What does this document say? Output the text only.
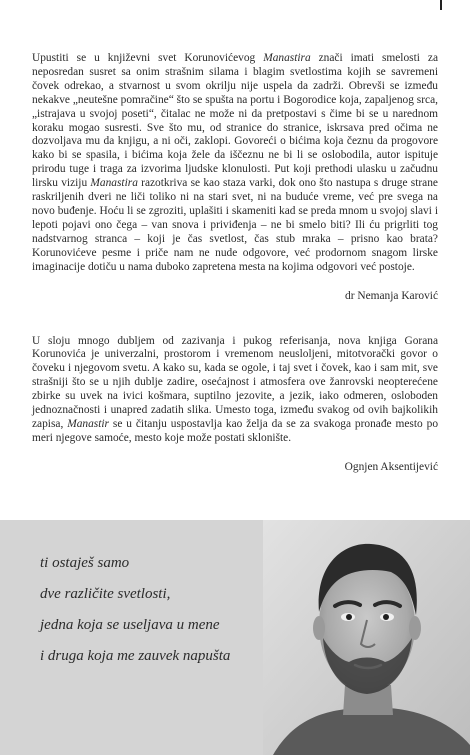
Upustiti se u književni svet Korunovićevog Manastira znači imati smelosti za neposredan susret sa onim strašnim silama i blagim svetlostima kojih se savremeni čovek odrekao, a stvarnost u svom okrilju nije uspela da zadrži. Obrevši se između nekakve „neutešne pomračine“ što se spušta na portu i Bogorodice koja, zapaljenog srca, „istrajava u svojoj poseti“, čitalac ne može ni da pretpostavi s čime bi se u narednom koraku mogao susresti. Sve što mu, od stranice do stranice, iskrsava pred očima ne dozvoljava mu da knjigu, a ni oči, zaklopi. Govoreći o bićima koja čeznu da progovore kako bi se spasila, i bićima koja žele da iščeznu ne bi li se oslobodila, autor ispituje prirodu tuge i traga za izvorima ljudske klonulosti. Put koji prethodi ulasku u začudnu lirsku viziju Manastira razotkriva se kao staza varki, dok ono što nastupa s druge strane raskriljenih dveri ne liči toliko ni na stari svet, ni na buduće vreme, već pre svega na novo buđenje. Hoću li se zgroziti, uplašiti i skameniti kad se preda mnom u svojoj slavi i lepoti pojavi ono čega – van snova i priviđenja – ne bi smelo biti? Ili ću prigrliti tog nadstvarnog stranca – koji je čas svetlost, čas stub mraka – prisno kao brata? Korunovićeve pesme i priče nam ne nude odgovore, već prodornom snagom lirske imaginacije dotiču u nama duboko zapretena mesta na kojima odgovori već postoje.

dr Nemanja Karović

U sloju mnogo dubljem od zazivanja i pukog referisanja, nova knjiga Gorana Korunovića je univerzalni, prostorom i vremenom neusloljeni, mitotvorački govor o čoveku i njegovom svetu. A kako su, kada se ogole, i taj svet i čovek, kao i sam mit, sve strašniji što se u njih dublje zadire, osećajnost i atmosfera ove žanrovski neopterećene zbirke su uvek na ivici košmara, suptilno jezovite, a jezik, iako odmeren, osloboden jednoznačnosti i unapred zadatih slika. Umesto toga, između svakog od ovih bajkolikih zapisa, Manastir se u čitanju uspostavlja kao želja da se za svakoga pronađe mesto po meri njegove samoće, mesto koje može postati sklonište.

Ognjen Aksentijević
ti ostaješ samo
dve različite svetlosti,
jedna koja se useljava u mene
i druga koja me zauvek napušta
